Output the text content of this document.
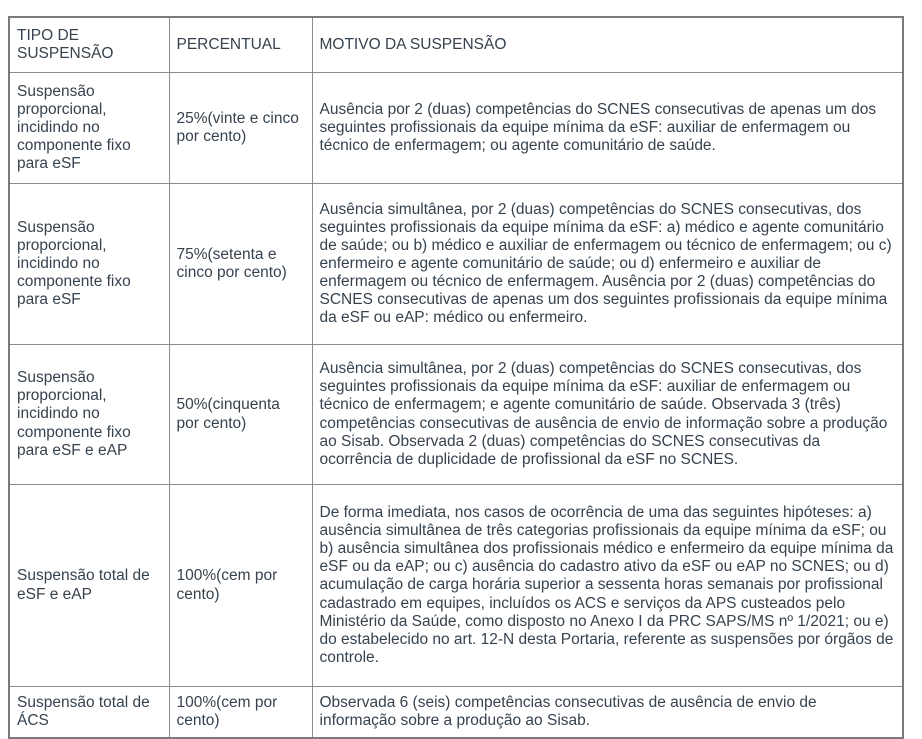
TIPO DE SUSPENSÃO	PERCENTUAL	MOTIVO DA SUSPENSÃO
Suspensão proporcional, incidindo no componente fixo para eSF	25%(vinte e cinco por cento)	Ausência por 2 (duas) competências do SCNES consecutivas de apenas um dos seguintes profissionais da equipe mínima da eSF: auxiliar de enfermagem ou técnico de enfermagem; ou agente comunitário de saúde.
Suspensão proporcional, incidindo no componente fixo para eSF	75%(setenta e cinco por cento)	Ausência simultânea, por 2 (duas) competências do SCNES consecutivas, dos seguintes profissionais da equipe mínima da eSF: a) médico e agente comunitário de saúde; ou b) médico e auxiliar de enfermagem ou técnico de enfermagem; ou c) enfermeiro e agente comunitário de saúde; ou d) enfermeiro e auxiliar de enfermagem ou técnico de enfermagem. Ausência por 2 (duas) competências do SCNES consecutivas de apenas um dos seguintes profissionais da equipe mínima da eSF ou eAP: médico ou enfermeiro.
Suspensão proporcional, incidindo no componente fixo para eSF e eAP	50%(cinquenta por cento)	Ausência simultânea, por 2 (duas) competências do SCNES consecutivas, dos seguintes profissionais da equipe mínima da eSF: auxiliar de enfermagem ou técnico de enfermagem; e agente comunitário de saúde. Observada 3 (três) competências consecutivas de ausência de envio de informação sobre a produção ao Sisab. Observada 2 (duas) competências do SCNES consecutivas da ocorrência de duplicidade de profissional da eSF no SCNES.
Suspensão total de eSF e eAP	100%(cem por cento)	De forma imediata, nos casos de ocorrência de uma das seguintes hipóteses: a) ausência simultânea de três categorias profissionais da equipe mínima da eSF; ou b) ausência simultânea dos profissionais médico e enfermeiro da equipe mínima da eSF ou da eAP; ou c) ausência do cadastro ativo da eSF ou eAP no SCNES; ou d) acumulação de carga horária superior a sessenta horas semanais por profissional cadastrado em equipes, incluídos os ACS e serviços da APS custeados pelo Ministério da Saúde, como disposto no Anexo I da PRC SAPS/MS nº 1/2021; ou e) do estabelecido no art. 12-N desta Portaria, referente as suspensões por órgãos de controle.
Suspensão total de ÁCS	100%(cem por cento)	Observada 6 (seis) competências consecutivas de ausência de envio de informação sobre a produção ao Sisab.
